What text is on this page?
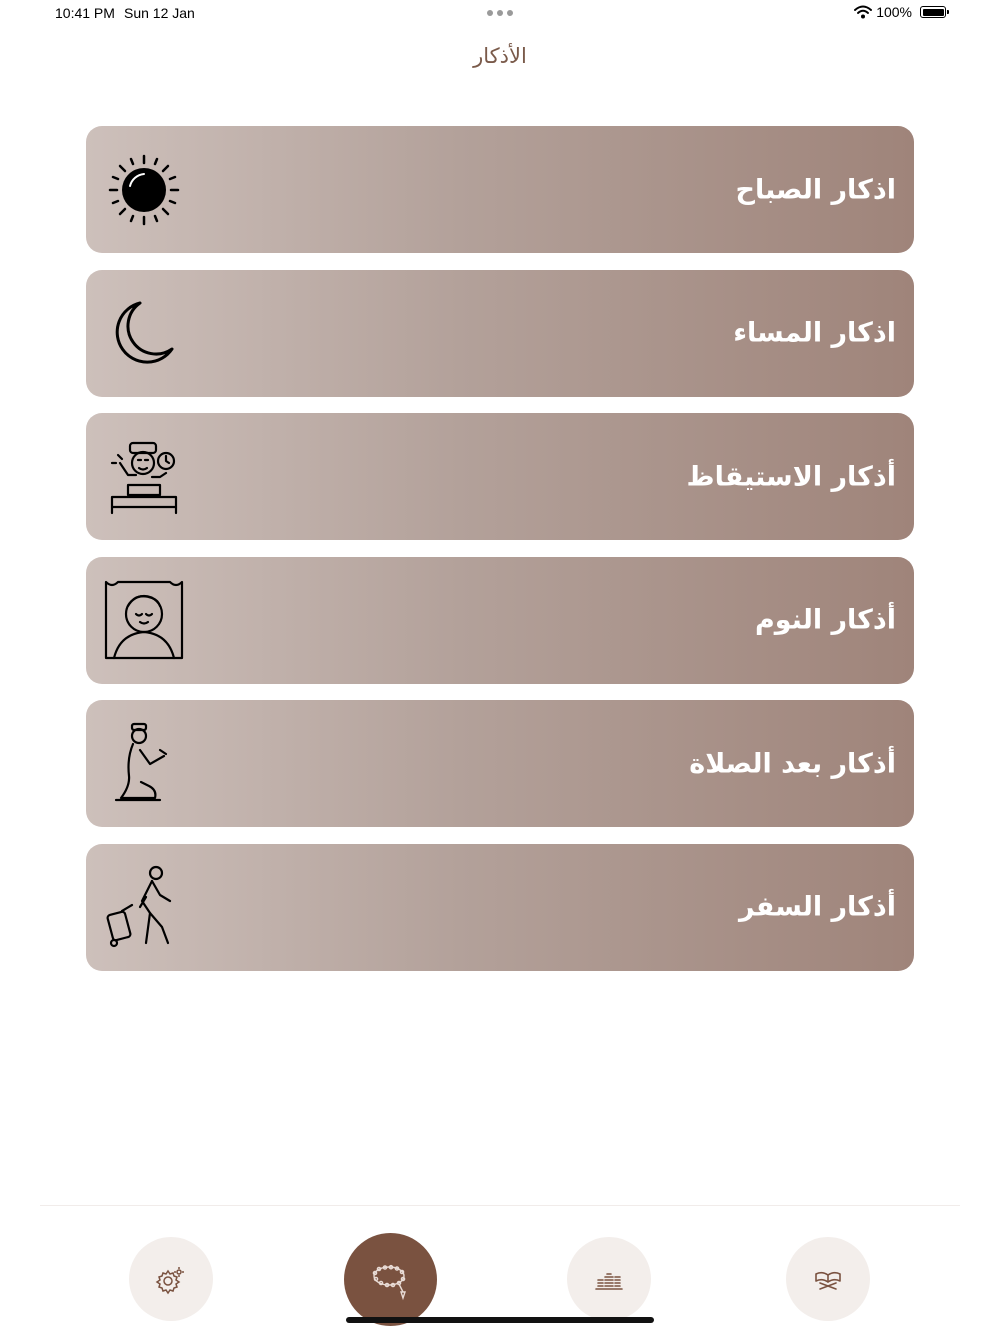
10:41 PM Sun 12 Jan	100%
الأذكار
اذكار الصباح
اذكار المساء
أذكار الاستيقاظ
أذكار النوم
أذكار بعد الصلاة
أذكار السفر
